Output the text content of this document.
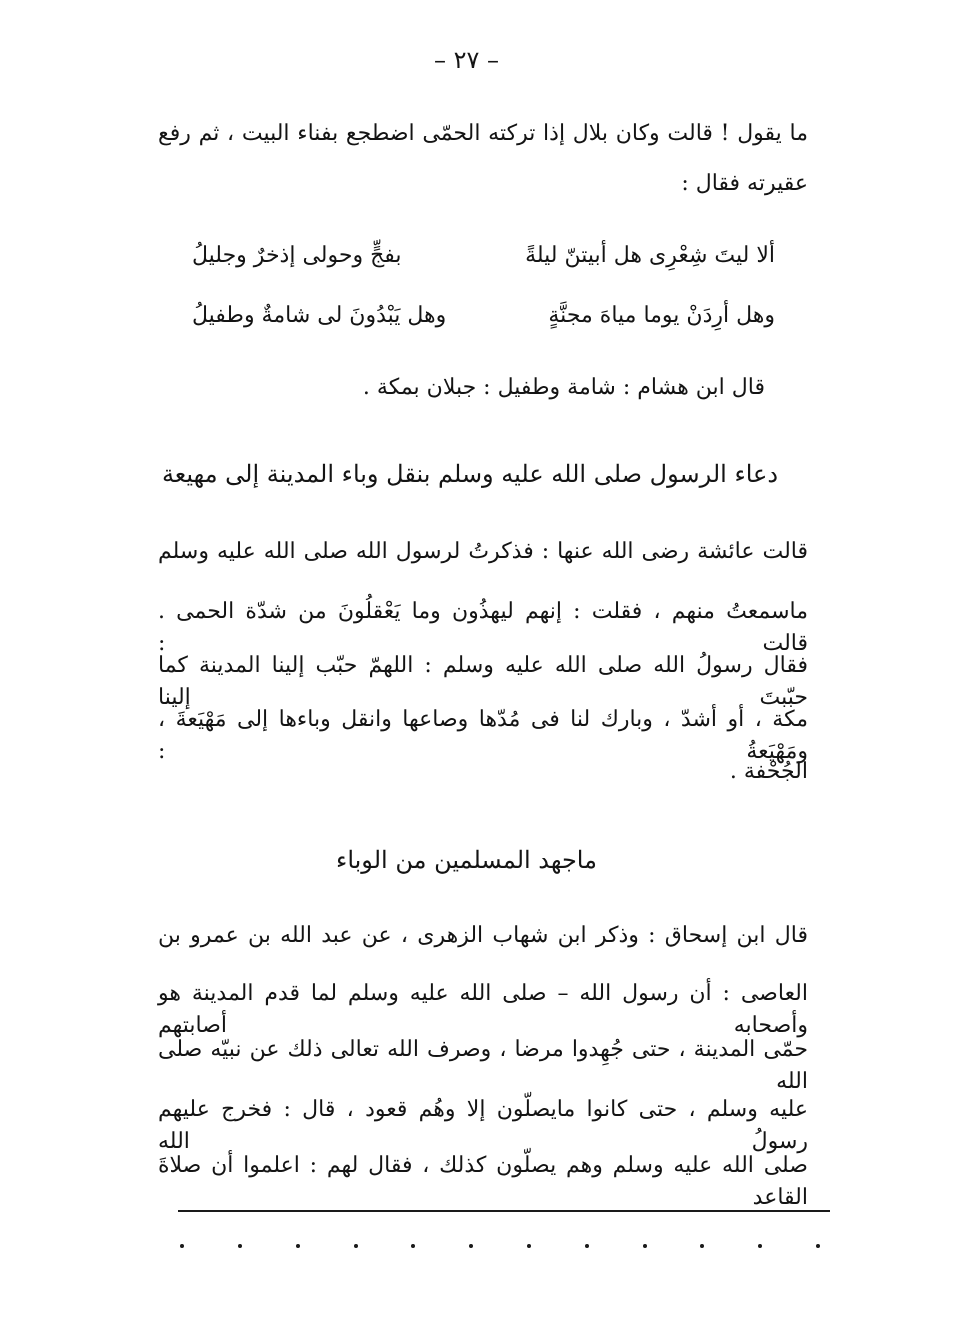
– ٢٧ –
ما يقول ! قالت وكان بلال إذا تركته الحمّى اضطجع بفناء البيت ، ثم رفع
عقيرته فقال :
ألا ليتَ شِعْرِى هل أبيتنّ ليلةً
بفجٍّ وحولى إذخرٌ وجليلُ
وهل أرِدَنْ يوما مياهَ مجنَّةٍ
وهل يَبْدُونَ لى شامةٌ وطفيلُ
قال ابن هشام : شامة وطفيل : جبلان بمكة .
دعاء الرسول صلى الله عليه وسلم بنقل وباء المدينة إلى مهيعة
قالت عائشة رضى الله عنها : فذكرتُ لرسول الله صلى الله عليه وسلم
ماسمعتُ منهم ، فقلت : إنهم ليهذُون وما يَعْقلُونَ من شدّة الحمى . قالت :
فقال رسولُ الله صلى الله عليه وسلم : اللهمّ حبّب إلينا المدينة كما حبّبتَ إلينا
مكة ، أو أشدّ ، وبارك لنا فى مُدّها وصاعها وانقل وباءها إلى مَهْيَعةَ ، ومَهْيَعةُ :
الجُحْفة .
ماجهد المسلمين من الوباء
قال ابن إسحاق : وذكر ابن شهاب الزهرى ، عن عبد الله بن عمرو بن
العاصى : أن رسول الله – صلى الله عليه وسلم لما قدم المدينة هو وأصحابه أصابتهم
حمّى المدينة ، حتى جُهِدوا مرضا ، وصرف الله تعالى ذلك عن نبيّه صلى الله
عليه وسلم ، حتى كانوا مايصلّون إلا وهُم قعود ، قال : فخرج عليهم رسولُ الله
صلى الله عليه وسلم وهم يصلّون كذلك ، فقال لهم : اعلموا أن صلاةَ القاعد
